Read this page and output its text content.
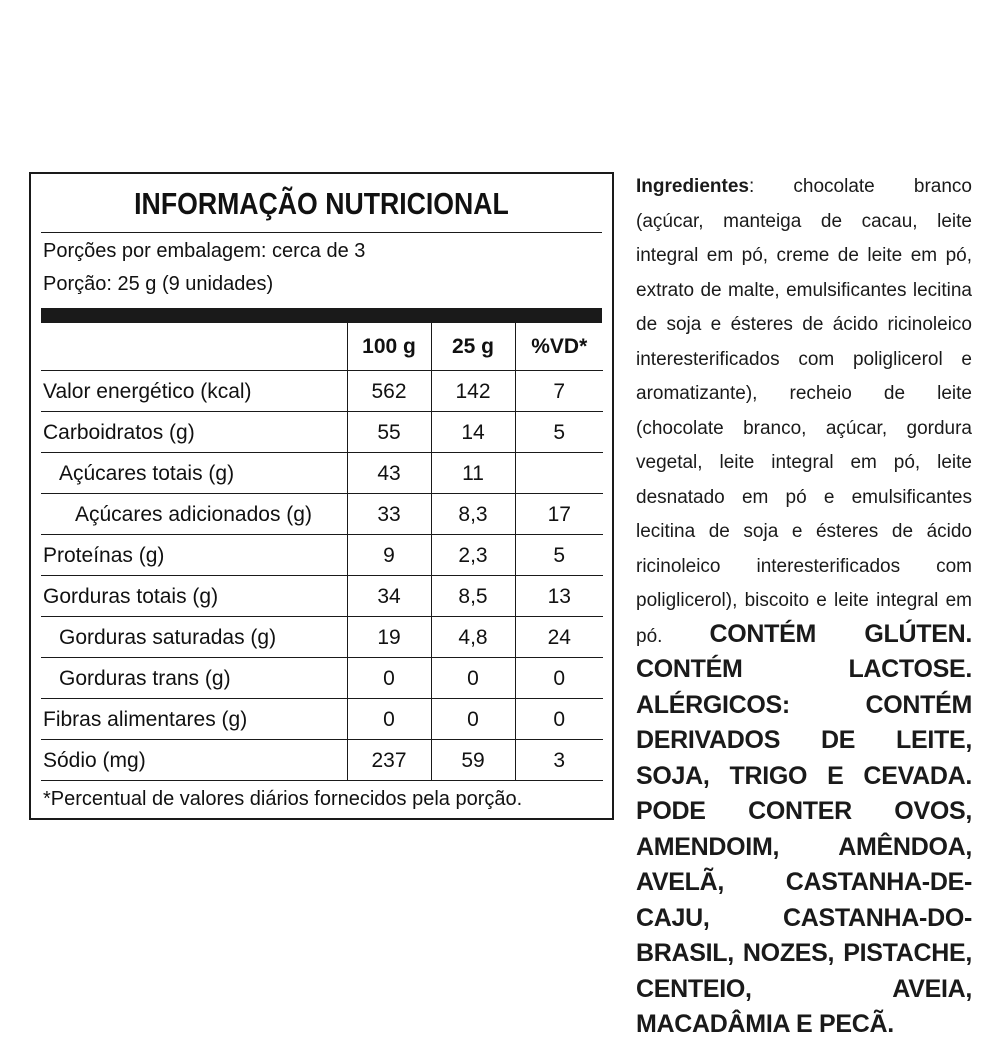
INFORMAÇÃO NUTRICIONAL
Porções por embalagem: cerca de 3
Porção: 25 g (9 unidades)
	100 g	25 g	%VD*
Valor energético (kcal)	562	142	7
Carboidratos (g)	55	14	5
Açúcares totais (g)	43	11	
Açúcares adicionados (g)	33	8,3	17
Proteínas (g)	9	2,3	5
Gorduras totais (g)	34	8,5	13
Gorduras saturadas (g)	19	4,8	24
Gorduras trans (g)	0	0	0
Fibras alimentares (g)	0	0	0
Sódio (mg)	237	59	3
*Percentual de valores diários fornecidos pela porção.
Ingredientes: chocolate branco (açúcar, manteiga de cacau, leite integral em pó, creme de leite em pó, extrato de malte, emulsificantes lecitina de soja e ésteres de ácido ricinoleico interesterificados com poliglicerol e aromatizante), recheio de leite (chocolate branco, açúcar, gordura vegetal, leite integral em pó, leite desnatado em pó e emulsificantes lecitina de soja e ésteres de ácido ricinoleico interesterificados com poliglicerol), biscoito e leite integral em pó. CONTÉM GLÚTEN. CONTÉM LACTOSE. ALÉRGICOS: CONTÉM DERIVADOS DE LEITE, SOJA, TRIGO E CEVADA. PODE CONTER OVOS, AMENDOIM, AMÊNDOA, AVELÃ, CASTANHA-DE-CAJU, CASTANHA-DO-BRASIL, NOZES, PISTACHE, CENTEIO, AVEIA, MACADÂMIA E PECÃ.
